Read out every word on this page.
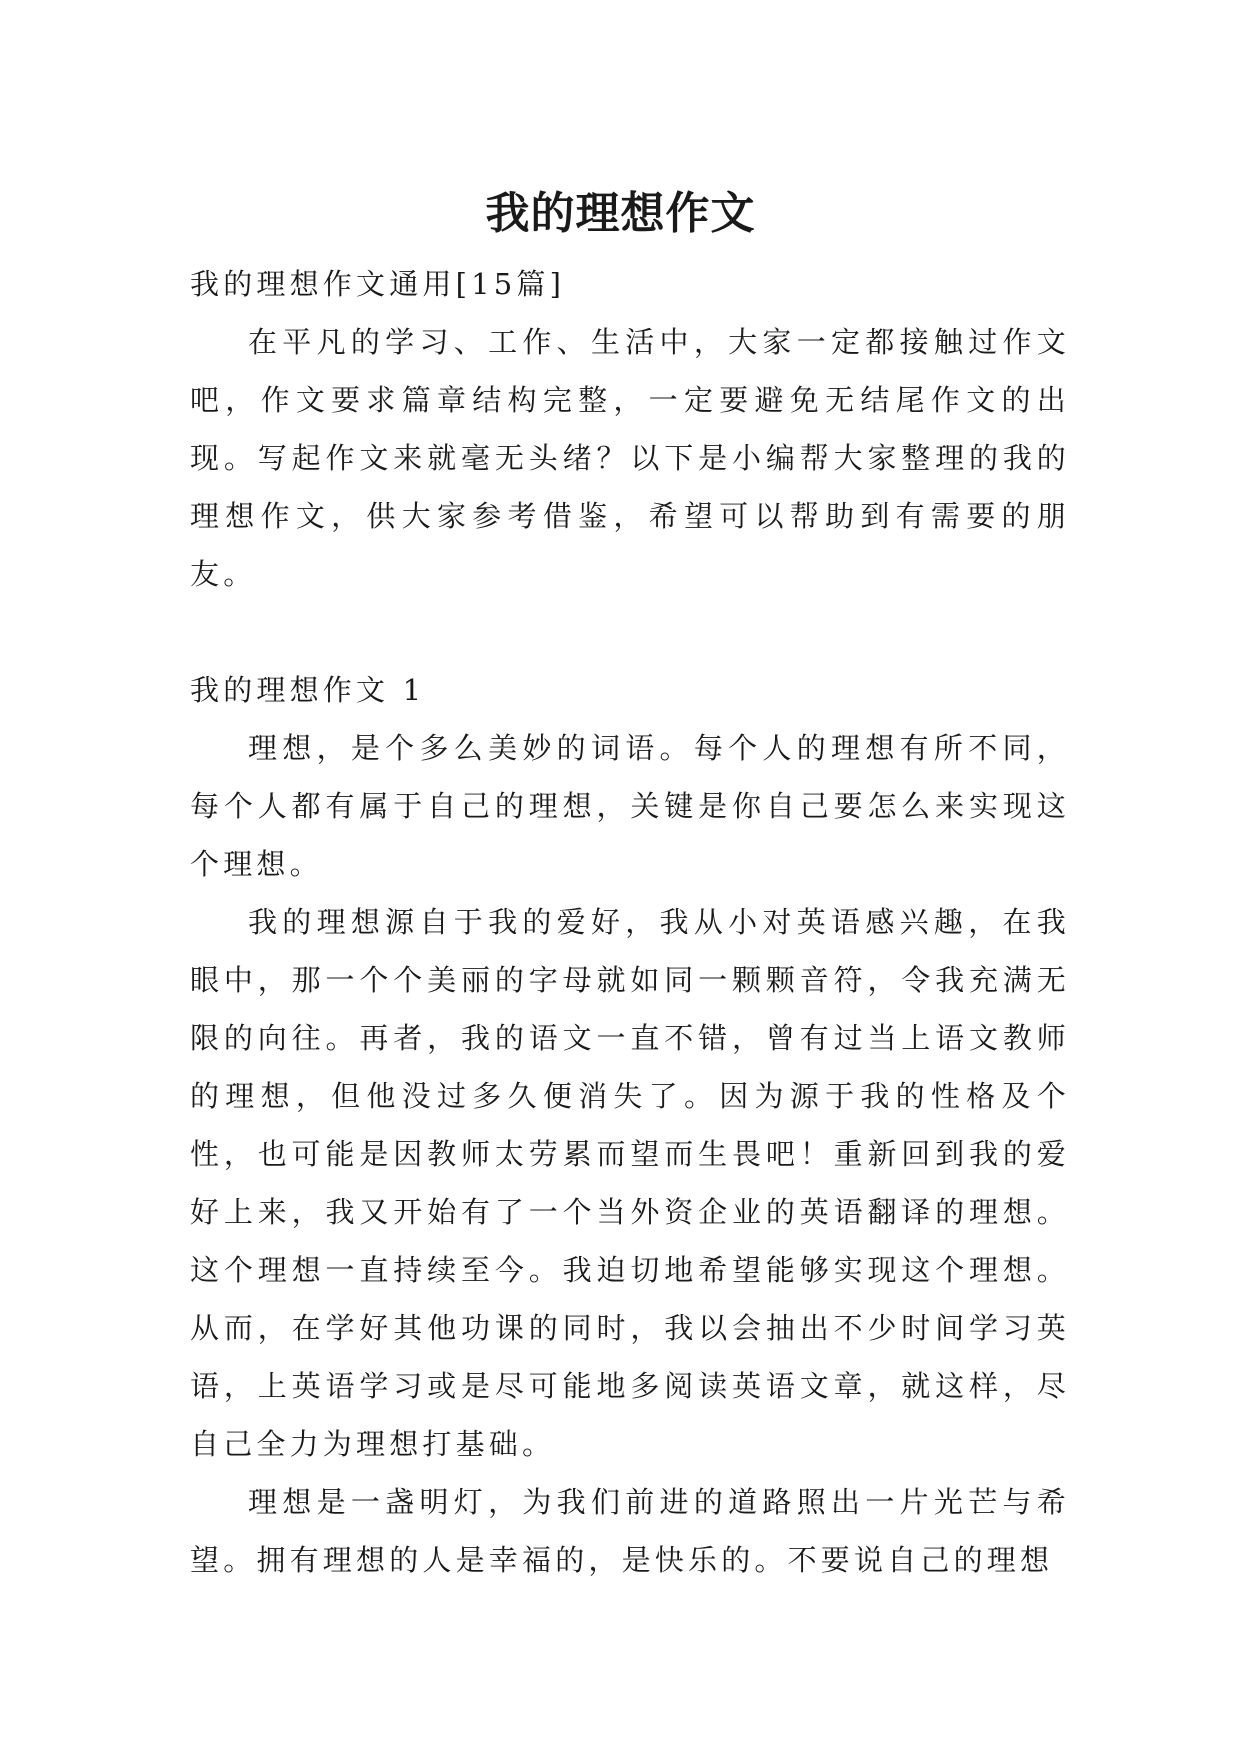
我的理想作文

我的理想作文通用[15篇]

在平凡的学习、工作、生活中，大家一定都接触过作文吧，作文要求篇章结构完整，一定要避免无结尾作文的出现。写起作文来就毫无头绪？以下是小编帮大家整理的我的理想作文，供大家参考借鉴，希望可以帮助到有需要的朋友。

我的理想作文 1

理想，是个多么美妙的词语。每个人的理想有所不同，每个人都有属于自己的理想，关键是你自己要怎么来实现这个理想。

我的理想源自于我的爱好，我从小对英语感兴趣，在我眼中，那一个个美丽的字母就如同一颗颗音符，令我充满无限的向往。再者，我的语文一直不错，曾有过当上语文教师的理想，但他没过多久便消失了。因为源于我的性格及个性，也可能是因教师太劳累而望而生畏吧！重新回到我的爱好上来，我又开始有了一个当外资企业的英语翻译的理想。这个理想一直持续至今。我迫切地希望能够实现这个理想。从而，在学好其他功课的同时，我以会抽出不少时间学习英语，上英语学习或是尽可能地多阅读英语文章，就这样，尽自己全力为理想打基础。

理想是一盏明灯，为我们前进的道路照出一片光芒与希望。拥有理想的人是幸福的，是快乐的。不要说自己的理想
